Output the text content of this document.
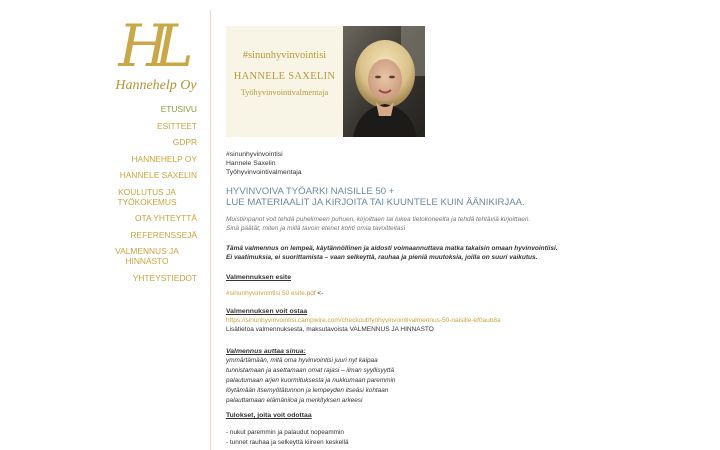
HL
Hannehelp Oy
ETUSIVU
ESITTEET
GDPR
HANNEHELP OY
HANNELE SAXELIN
KOULUTUS JA TYÖKOKEMUS
OTA YHTEYTTÄ
REFERENSSEJÄ
VALMENNUS JA HINNASTO
YHTEYSTIEDOT
#sinunhyvinvointisi
HANNELE SAXELIN
Työhyvinvointivalmentaja
#sinunhyvinvointisi
Hannele Saxelin
Työhyvinvointivalmentaja
HYVINVOIVA TYÖARKI NAISILLE 50 +
LUE MATERIAALIT JA KIRJOITA TAI KUUNTELE KUIN ÄÄNIKIRJAA.
Muistiinpanot voit tehdä puhelimeen puhuen, kirjoittaen tai lukea tietokoneelta ja tehdä tehtäviä kirjoittaen.
Sinä päätät, miten ja millä tavoin etenet kohti omia tavoitteitasi
Tämä valmennus on lempeä, käytännöllinen ja aidosti voimaannuttava matka takaisin omaan hyvinvointiisi.
Ei vaatimuksia, ei suorittamista – vaan selkeyttä, rauhaa ja pieniä muutoksia, joilla on suuri vaikutus.
Valmennuksen esite
#sinunhyvinvointisi 50 esite.pdf <-
Valmennuksen voit ostaa
https://sinunhyvinvointisi.campwire.com/checkout/tyohyvinvointivalmennus-50-naisille-ef0aub8a
Lisätietoa valmennuksesta, maksutavoista VALMENNUS JA HINNASTO
Valmennus auttaa sinua:
ymmärtämään, mitä oma hyvinvointisi juuri nyt kaipaa
tunnistamaan ja asettamaan omat rajasi – ilman syyllisyyttä
palautumaan arjen kuormituksesta ja nukkumaan paremmin
löytämään itsemyötätunnon ja lempeyden itseäsi kohtaan
palauttamaan elämäniloa ja merkityksen arkeesi
Tulokset, joita voit odottaa
- nukut paremmin ja palaudut nopeammin
- tunnet rauhaa ja selkeyttä kiireen keskellä
